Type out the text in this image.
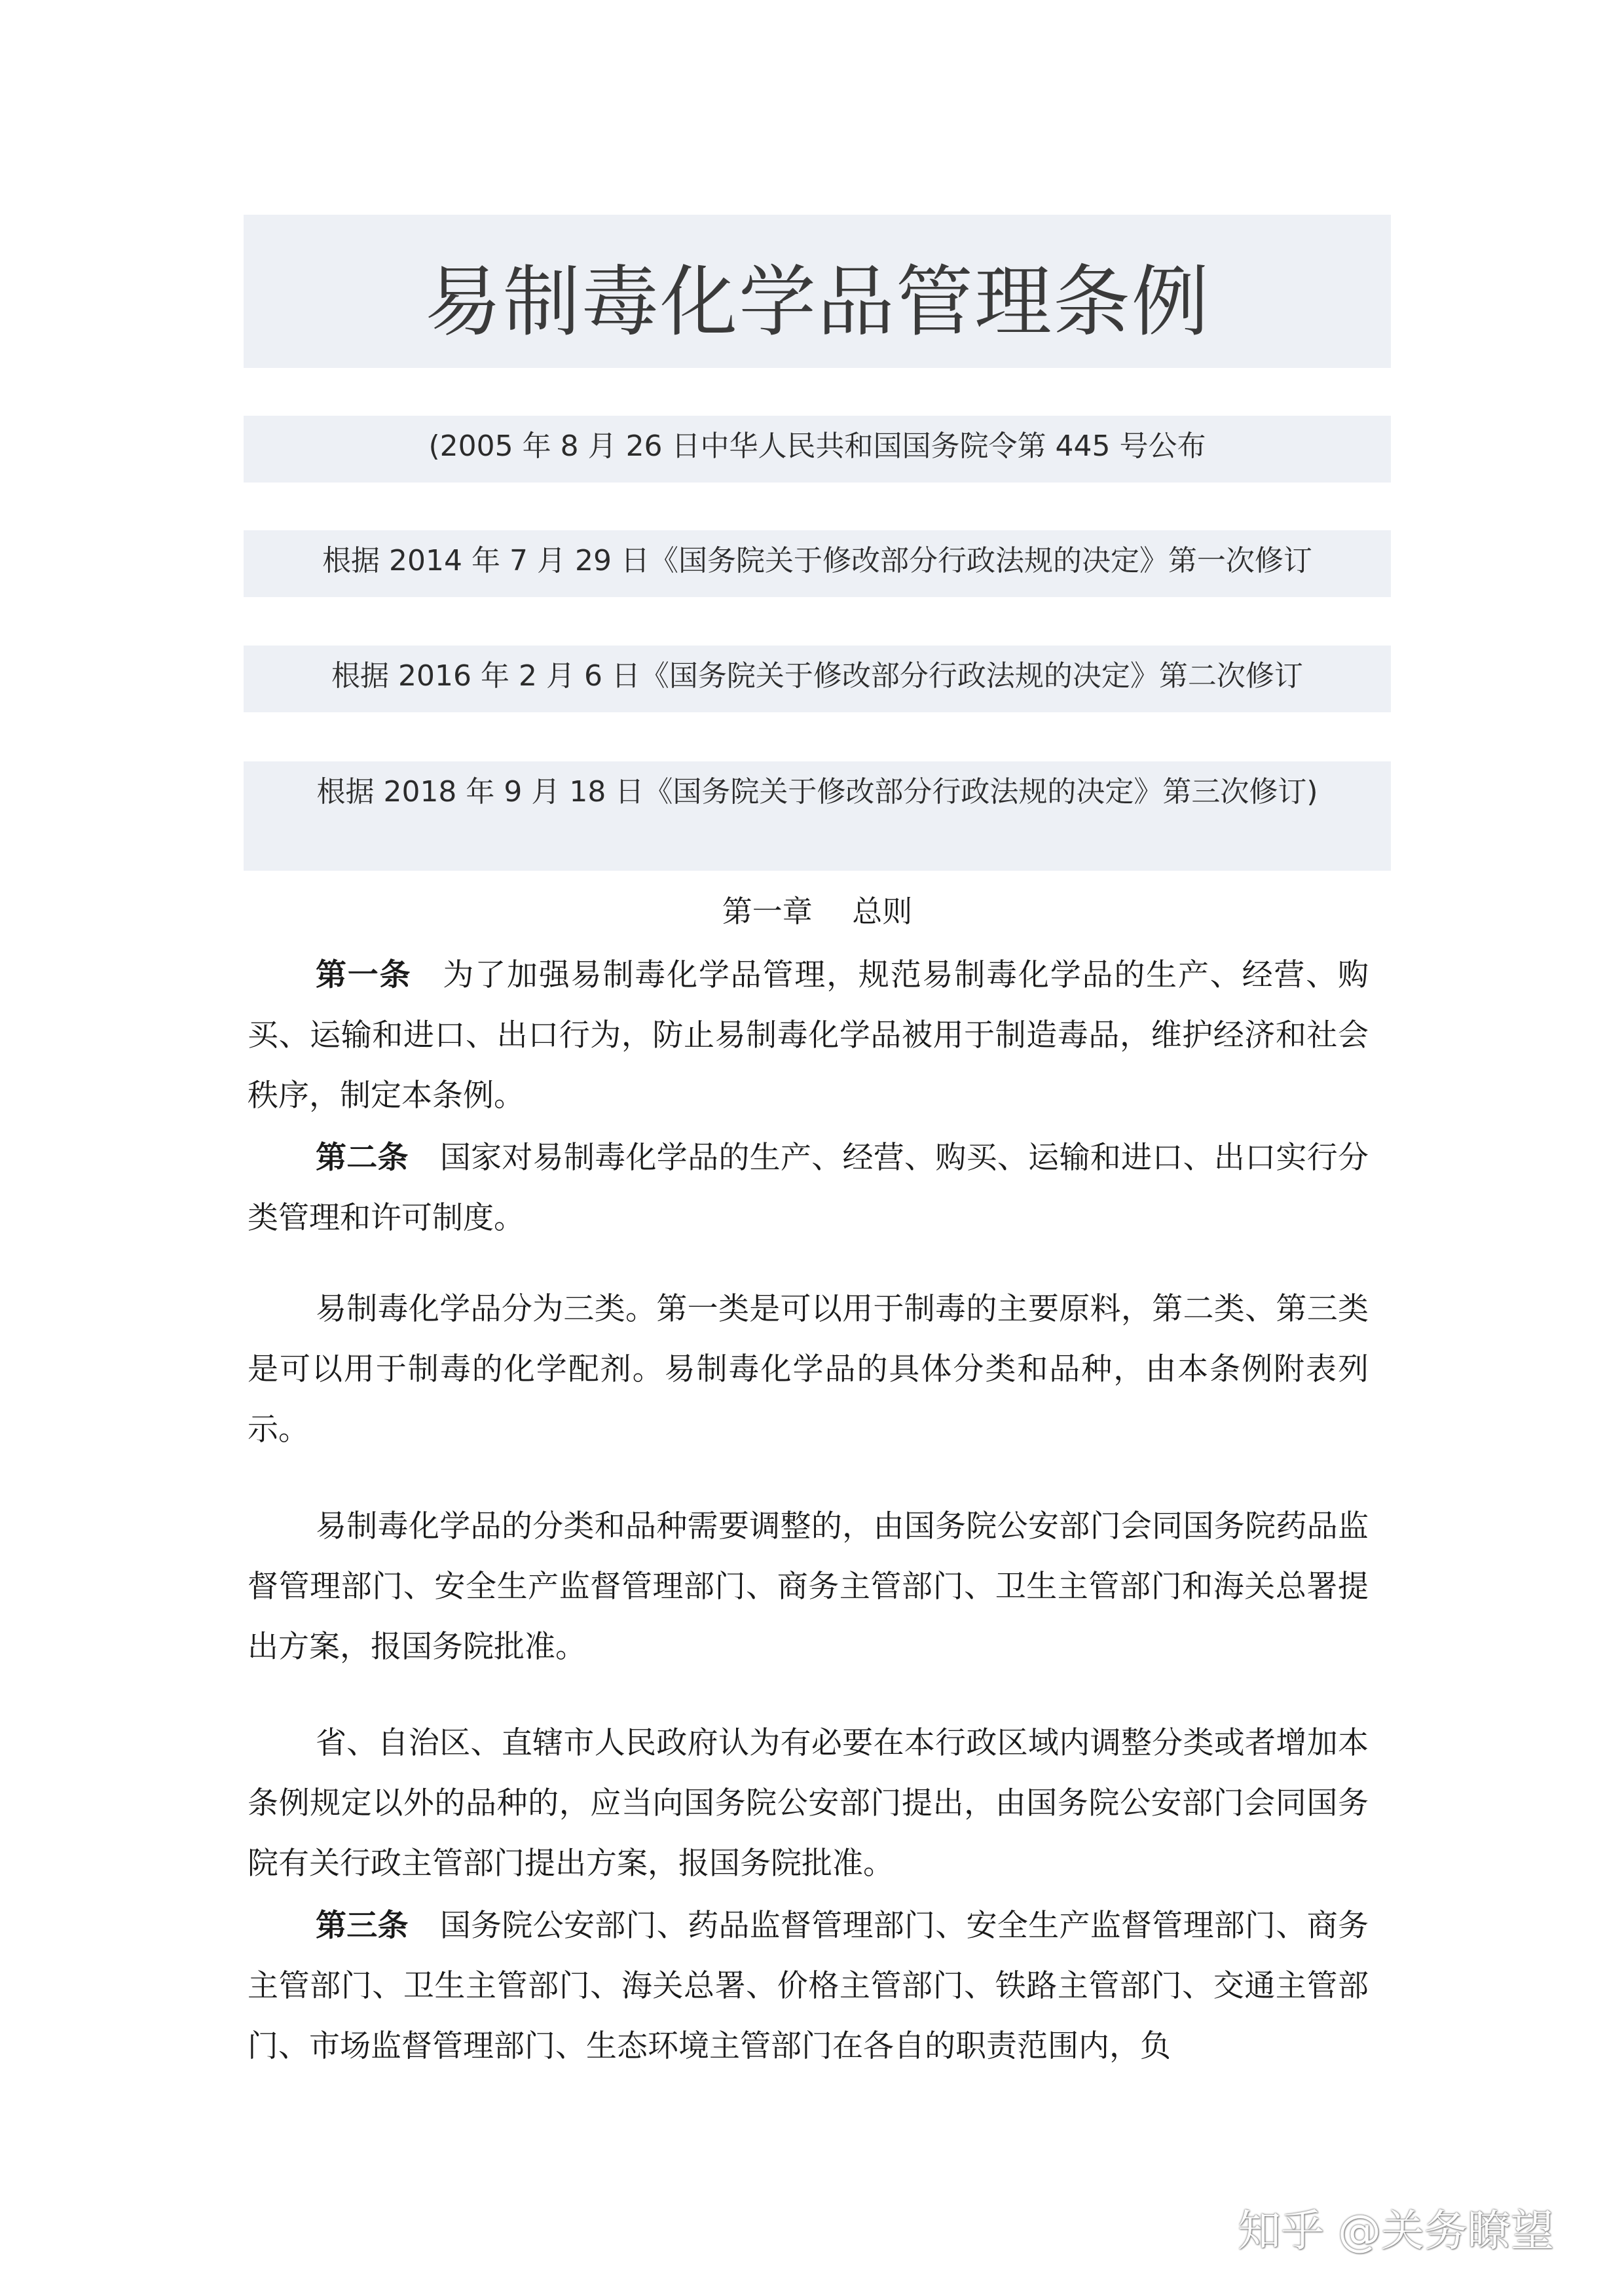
易制毒化学品管理条例
(2005 年 8 月 26 日中华人民共和国国务院令第 445 号公布
根据 2014 年 7 月 29 日《国务院关于修改部分行政法规的决定》第一次修订
根据 2016 年 2 月 6 日《国务院关于修改部分行政法规的决定》第二次修订
根据 2018 年 9 月 18 日《国务院关于修改部分行政法规的决定》第三次修订)
第一章　 总则

第一条 为了加强易制毒化学品管理，规范易制毒化学品的生产、经营、购买、运输和进口、出口行为，防止易制毒化学品被用于制造毒品，维护经济和社会秩序，制定本条例。

第二条 国家对易制毒化学品的生产、经营、购买、运输和进口、出口实行分类管理和许可制度。

易制毒化学品分为三类。第一类是可以用于制毒的主要原料，第二类、第三类是可以用于制毒的化学配剂。易制毒化学品的具体分类和品种，由本条例附表列示。

易制毒化学品的分类和品种需要调整的，由国务院公安部门会同国务院药品监督管理部门、安全生产监督管理部门、商务主管部门、卫生主管部门和海关总署提出方案，报国务院批准。

省、自治区、直辖市人民政府认为有必要在本行政区域内调整分类或者增加本条例规定以外的品种的，应当向国务院公安部门提出，由国务院公安部门会同国务院有关行政主管部门提出方案，报国务院批准。

第三条 国务院公安部门、药品监督管理部门、安全生产监督管理部门、商务主管部门、卫生主管部门、海关总署、价格主管部门、铁路主管部门、交通主管部门、市场监督管理部门、生态环境主管部门在各自的职责范围内，负

知乎 @关务瞭望
